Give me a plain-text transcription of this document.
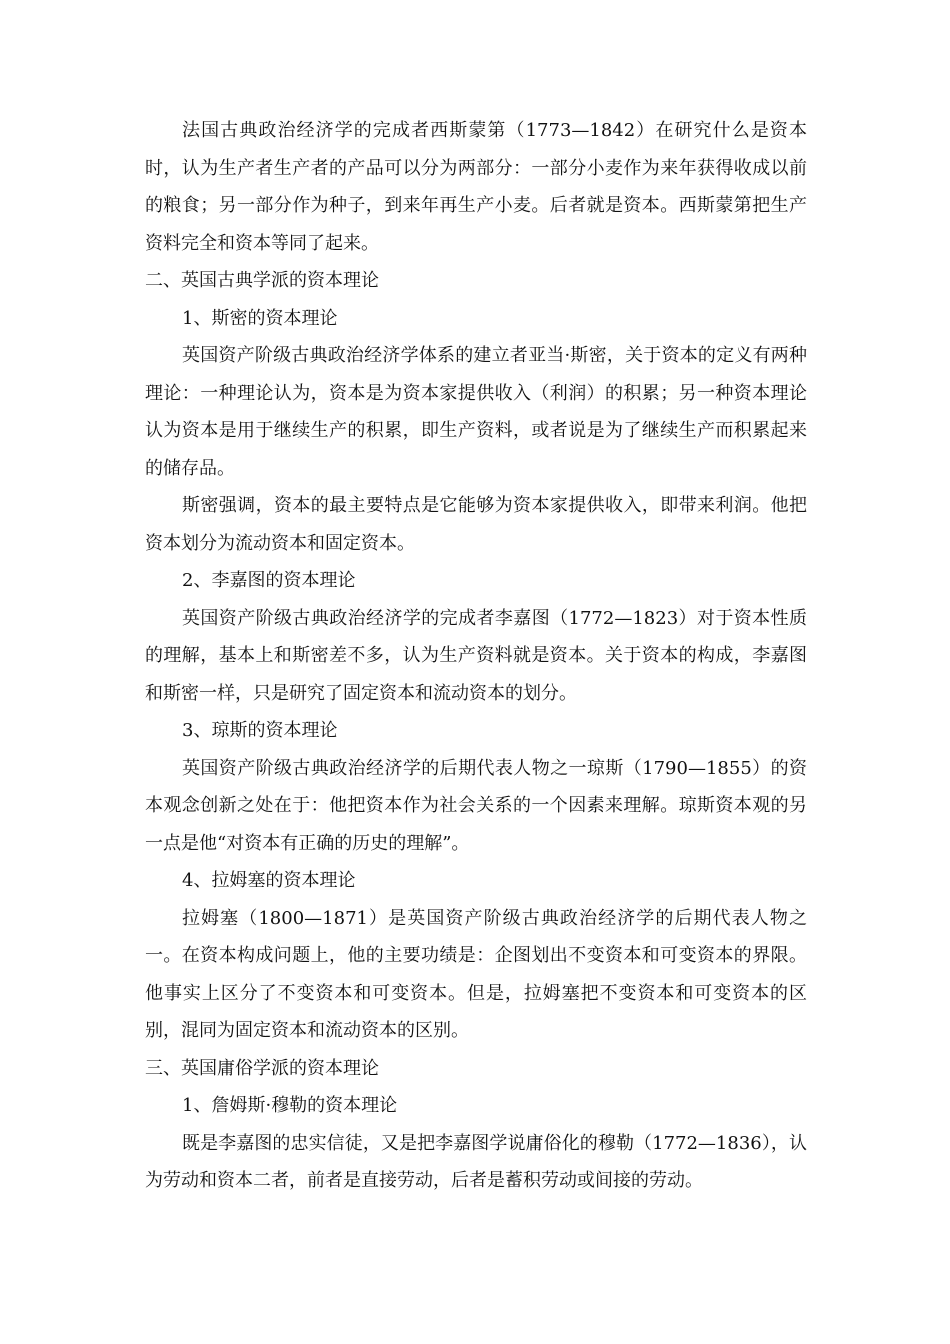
法国古典政治经济学的完成者西斯蒙第（1773—1842）在研究什么是资本时，认为生产者生产者的产品可以分为两部分：一部分小麦作为来年获得收成以前的粮食；另一部分作为种子，到来年再生产小麦。后者就是资本。西斯蒙第把生产资料完全和资本等同了起来。

二、英国古典学派的资本理论

1、斯密的资本理论

英国资产阶级古典政治经济学体系的建立者亚当·斯密，关于资本的定义有两种理论：一种理论认为，资本是为资本家提供收入（利润）的积累；另一种资本理论认为资本是用于继续生产的积累，即生产资料，或者说是为了继续生产而积累起来的储存品。

斯密强调，资本的最主要特点是它能够为资本家提供收入，即带来利润。他把资本划分为流动资本和固定资本。

2、李嘉图的资本理论

英国资产阶级古典政治经济学的完成者李嘉图（1772—1823）对于资本性质的理解，基本上和斯密差不多，认为生产资料就是资本。关于资本的构成，李嘉图和斯密一样，只是研究了固定资本和流动资本的划分。

3、琼斯的资本理论

英国资产阶级古典政治经济学的后期代表人物之一琼斯（1790—1855）的资本观念创新之处在于：他把资本作为社会关系的一个因素来理解。琼斯资本观的另一点是他“对资本有正确的历史的理解”。

4、拉姆塞的资本理论

拉姆塞（1800—1871）是英国资产阶级古典政治经济学的后期代表人物之一。在资本构成问题上，他的主要功绩是：企图划出不变资本和可变资本的界限。他事实上区分了不变资本和可变资本。但是，拉姆塞把不变资本和可变资本的区别，混同为固定资本和流动资本的区别。

三、英国庸俗学派的资本理论

1、詹姆斯·穆勒的资本理论

既是李嘉图的忠实信徒，又是把李嘉图学说庸俗化的穆勒（1772—1836），认为劳动和资本二者，前者是直接劳动，后者是蓄积劳动或间接的劳动。
